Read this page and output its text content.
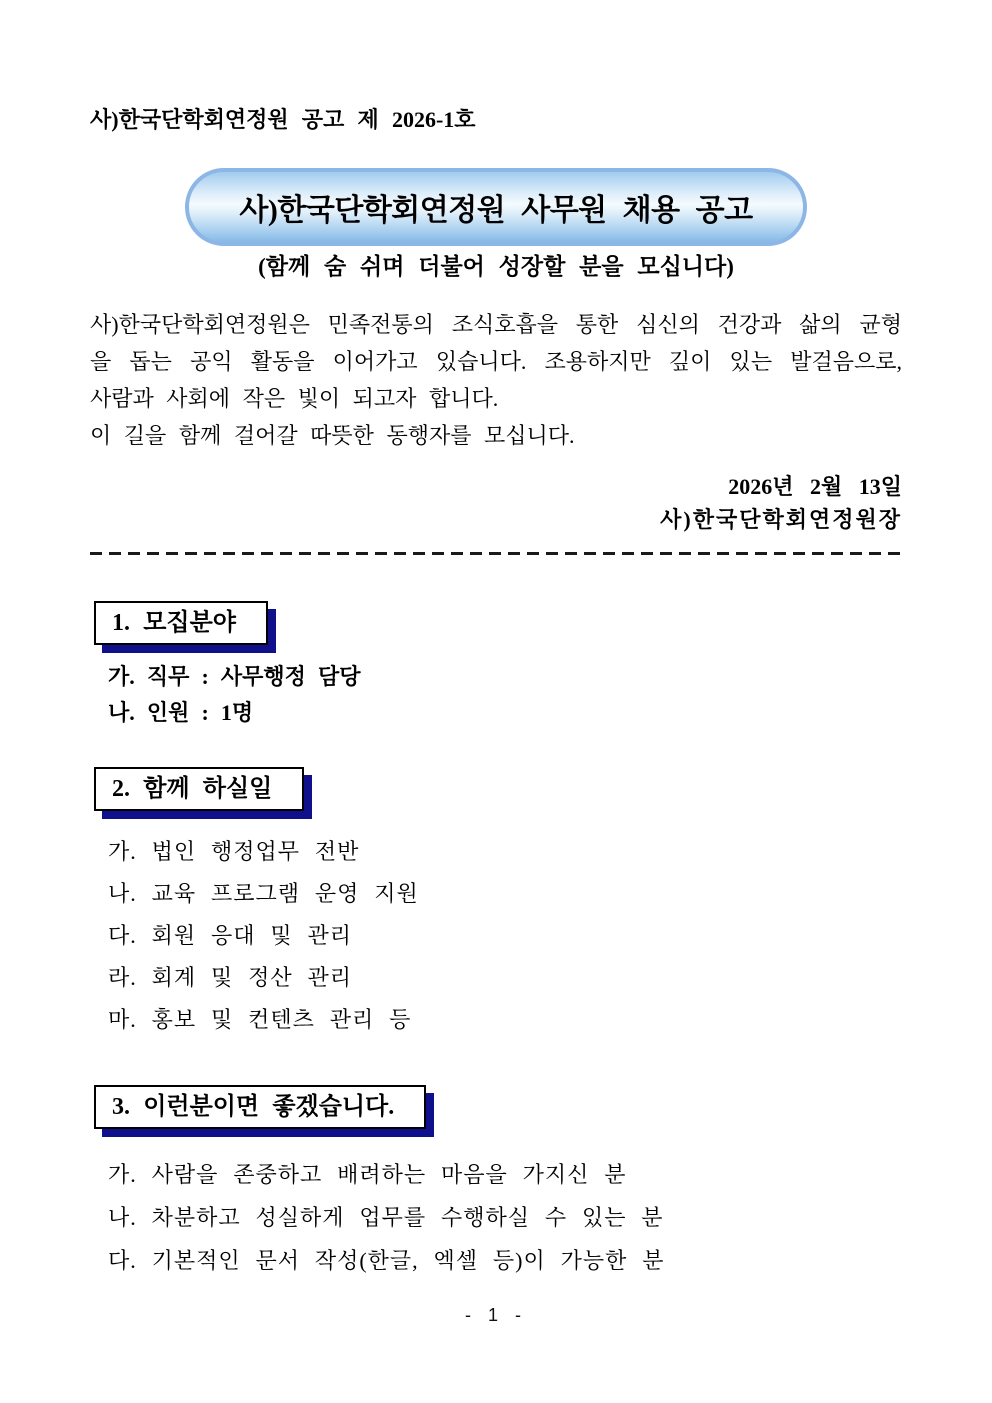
사)한국단학회연정원 공고 제 2026-1호
사)한국단학회연정원 사무원 채용 공고
(함께 숨 쉬며 더불어 성장할 분을 모십니다)
사)한국단학회연정원은 민족전통의 조식호흡을 통한 심신의 건강과 삶의 균형
을 돕는 공익 활동을 이어가고 있습니다. 조용하지만 깊이 있는 발걸음으로,
사람과 사회에 작은 빛이 되고자 합니다.
이 길을 함께 걸어갈 따뜻한 동행자를 모십니다.
2026년 2월 13일
사)한국단학회연정원장
1. 모집분야
가. 직무 : 사무행정 담당
나. 인원 : 1명
2. 함께 하실일
가. 법인 행정업무 전반
나. 교육 프로그램 운영 지원
다. 회원 응대 및 관리
라. 회계 및 정산 관리
마. 홍보 및 컨텐츠 관리 등
3. 이런분이면 좋겠습니다.
가. 사람을 존중하고 배려하는 마음을 가지신 분
나. 차분하고 성실하게 업무를 수행하실 수 있는 분
다. 기본적인 문서 작성(한글, 엑셀 등)이 가능한 분
- 1 -
